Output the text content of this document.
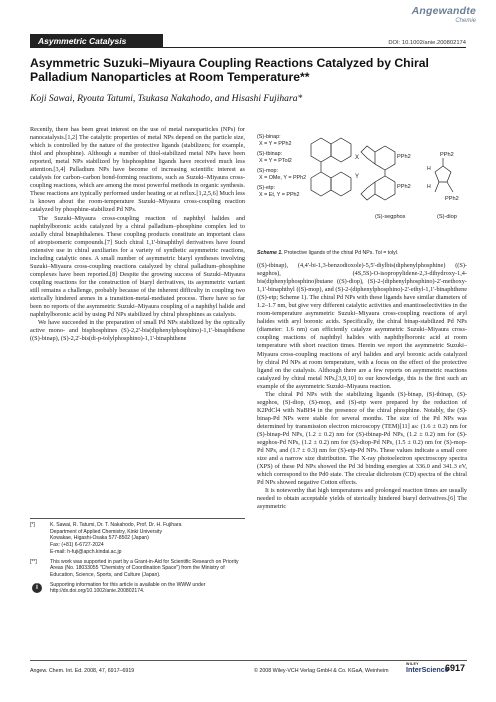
Angewandte
Chemie
Asymmetric Catalysis	DOI: 10.1002/anie.200802174
Asymmetric Suzuki–Miyaura Coupling Reactions Catalyzed by Chiral Palladium Nanoparticles at Room Temperature**
Koji Sawai, Ryouta Tatumi, Tsukasa Nakahodo, and Hisashi Fujihara*

Recently, there has been great interest on the use of metal nanoparticles (NPs) for nanocatalysis.[1,2] The catalytic properties of metal NPs depend on the particle size, which is controlled by the nature of the protective ligands (stabilizers; for example, thiol and phosphine). Although a number of thiol-stabilized metal NPs have been reported, metal NPs stabilized by bisphosphine ligands have received much less attention.[3,4] Palladium NPs have become of increasing scientific interest as catalysts for carbon–carbon bond-forming reactions, such as Suzuki–Miyaura cross-coupling reactions, which are among the most powerful methods in organic synthesis. These reactions are typically performed under heating or at reflux.[1,2,5,6] Much less is known about the room-temperature Suzuki–Miyaura cross-coupling reaction catalyzed by phosphine-stabilized Pd NPs.

The Suzuki–Miyaura cross-coupling reaction of naphthyl halides and naphthylboronic acids catalyzed by a chiral palladium–phosphine complex led to axially chiral binaphthalenes. These coupling products constitute an important class of atropisomeric compounds.[7] Such chiral 1,1'-binaphthyl derivatives have found extensive use in chiral auxiliaries for a variety of synthetic asymmetric reactions, including catalytic ones. A small number of asymmetric biaryl syntheses involving Suzuki–Miyaura cross-coupling reactions catalyzed by chiral palladium–phosphine complexes have been reported.[8] Despite the growing success of Suzuki–Miyaura coupling reactions for the construction of biaryl derivatives, its asymmetric variant still remains a challenge, probably because of the inherent difficulty in coupling two sterically hindered arenes in a transition-metal-mediated process. There have so far been no reports of the asymmetric Suzuki–Miyaura coupling of a naphthyl halide and naphthylboronic acid by using Pd NPs stabilized by chiral phosphines as catalysts.

We have succeeded in the preparation of small Pd NPs stabilized by the optically active mono- and bisphosphines (S)-2,2'-bis(diphenylphosphino)-1,1'-binaphthene ((S)-binap), (S)-2,2'-bis(di-p-tolylphosphino)-1,1'-binaphthene

X
Y
PPh2
PPh2
PPh2
PPh2
H
H
(S)-binap:
X = Y = PPh2
(S)-tbinap:
X = Y = PTol2
(S)-mop:
X = OMe, Y = PPh2
(S)-etp:
X = Et, Y = PPh2
(S)-segphos	(S)-diop
Scheme 1. Protective ligands of the chiral Pd NPs. Tol = tolyl.

((S)-tbinap), (4,4'-bi-1,3-benzodioxole)-5,5'-diylbis(diphenylphosphine) ((S)-segphos), (4S,5S)-O-isopropylidene-2,3-dihydroxy-1,4-bis(diphenylphosphino)butane ((S)-diop), (S)-2-(diphenylphosphino)-2'-methoxy-1,1'-binaphthyl ((S)-mop), and (S)-2-(diphenylphosphino)-2'-ethyl-1,1'-binaphthene ((S)-etp; Scheme 1). The chiral Pd NPs with these ligands have similar diameters of 1.2–1.7 nm, but give very different catalytic activities and enantioselectivities in the room-temperature asymmetric Suzuki–Miyaura cross-coupling reactions of aryl halides with aryl boronic acids. Specifically, the chiral binap-stabilized Pd NPs (diameter: 1.6 nm) can efficiently catalyze asymmetric Suzuki–Miyaura cross-coupling reactions of naphthyl halides with naphthylboronic acid at room temperature with short reaction times. Herein we report the asymmetric Suzuki–Miyaura cross-coupling reactions of aryl halides and aryl boronic acids catalyzed by chiral Pd NPs at room temperature, with a focus on the effect of the protective ligand on the catalysis. Although there are a few reports on asymmetric reactions catalyzed by chiral metal NPs,[3,9,10] to our knowledge, this is the first such an example of the asymmetric Suzuki–Miyaura reaction.

The chiral Pd NPs with the stabilizing ligands (S)-binap, (S)-tbinap, (S)-segphos, (S)-diop, (S)-mop, and (S)-etp were prepared by the reduction of K2PdCl4 with NaBH4 in the presence of the chiral phosphine. Notably, the (S)-binap-Pd NPs were stable for several months. The size of the Pd NPs was determined by transmission electron microscopy (TEM)[11] as: (1.6 ± 0.2) nm for (S)-binap-Pd NPs, (1.2 ± 0.2) nm for (S)-tbinap-Pd NPs, (1.2 ± 0.2) nm for (S)-segphos-Pd NPs, (1.2 ± 0.2) nm for (S)-diop-Pd NPs, (1.5 ± 0.2) nm for (S)-mop-Pd NPs, and (1.7 ± 0.3) nm for (S)-etp-Pd NPs. These values indicate a small core size and a narrow size distribution. The X-ray photoelectron spectroscopy spectra (XPS) of these Pd NPs showed the Pd 3d binding energies at 336.0 and 341.3 eV, which correspond to the Pd0 state. The circular dichroism (CD) spectra of the chiral Pd NPs showed negative Cotton effects.

It is noteworthy that high temperatures and prolonged reaction times are usually needed to obtain acceptable yields of sterically hindered biaryl derivatives.[6] The asymmetric

[*]	K. Sawai, R. Tatumi, Dr. T. Nakahodo, Prof. Dr. H. Fujihara
Department of Applied Chemistry, Kinki University
Kowakae, Higashi-Osaka 577-8502 (Japan)
Fax: (+81) 6-6727-2024
E-mail: h-fuji@apch.kindai.ac.jp
[**]	This work was supported in part by a Grant-in-Aid for Scientific Research on Priority Areas (No. 18033055 "Chemistry of Coordination Space") from the Ministry of Education, Science, Sports, and Culture (Japan).
i	Supporting information for this article is available on the WWW under http://dx.doi.org/10.1002/anie.200802174.
Angew. Chem. Int. Ed. 2008, 47, 6917–6919	© 2008 Wiley-VCH Verlag GmbH & Co. KGaA, Weinheim
WILEY
InterScience
6917
